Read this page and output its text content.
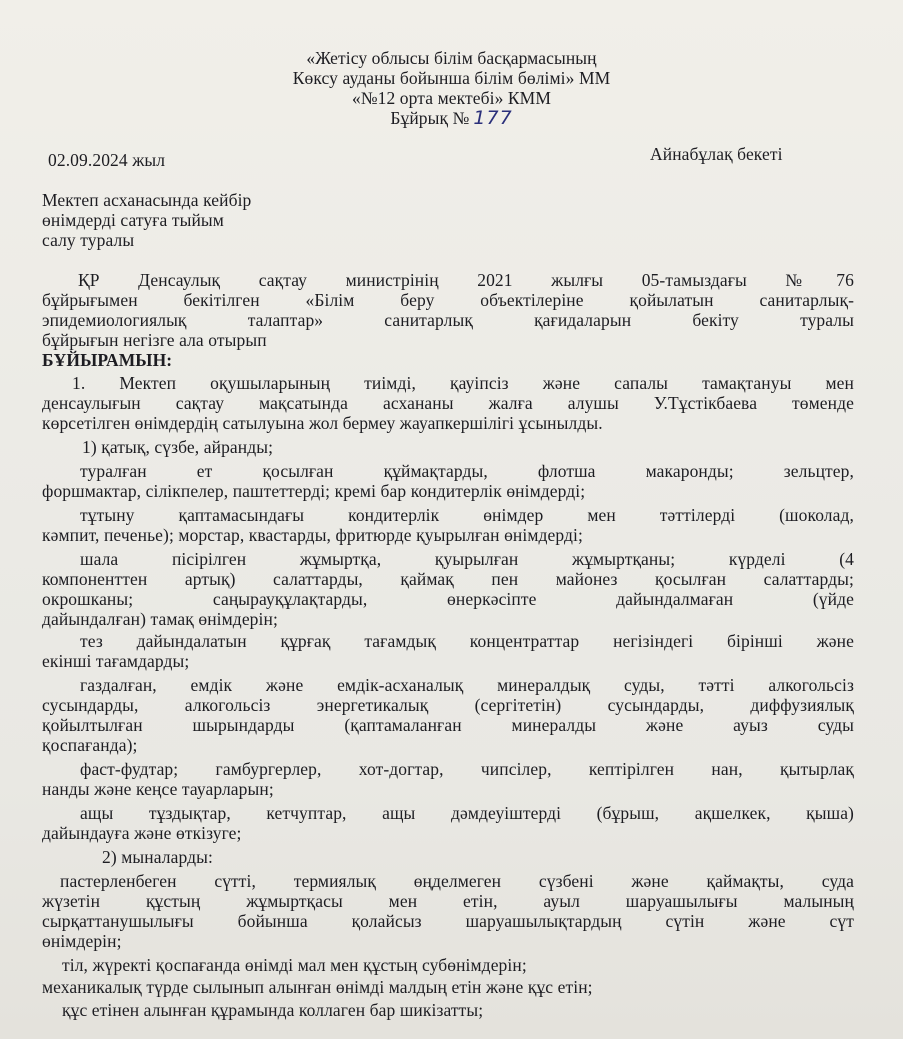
«Жетісу облысы білім басқармасының
Көксу ауданы бойынша білім бөлімі» ММ
«№12 орта мектебі» КММ
Бұйрық № 177
02.09.2024 жыл	Айнабұлақ бекеті
Мектеп асханасында кейбір
өнімдерді сатуға тыйым
салу туралы
ҚР Денсаулық сақтау министрінің 2021 жылғы 05-тамыздағы №76
бұйрығымен бекітілген «Білім беру объектілеріне қойылатын санитарлық-
эпидемиологиялық талаптар» санитарлық қағидаларын бекіту туралы
бұйрығын негізге ала отырып
БҰЙЫРАМЫН:
1. Мектеп оқушыларының тиімді, қауіпсіз және сапалы тамақтануы мен
денсаулығын сақтау мақсатында асхананы жалға алушы У.Тұстікбаева төменде
көрсетілген өнімдердің сатылуына жол бермеу жауапкершілігі ұсынылды.
1) қатық, сүзбе, айранды;
туралған ет қосылған құймақтарды, флотша макаронды; зельцтер,
форшмактар, сілікпелер, паштеттерді; кремі бар кондитерлік өнімдерді;
тұтыну қаптамасындағы кондитерлік өнімдер мен тәттілерді (шоколад,
кәмпит, печенье); морстар, квастарды, фритюрде қуырылған өнімдерді;
шала пісірілген жұмыртқа, қуырылған жұмыртқаны; күрделі (4
компоненттен артық) салаттарды, қаймақ пен майонез қосылған салаттарды;
окрошканы; саңырауқұлақтарды, өнеркәсіпте дайындалмаған (үйде
дайындалған) тамақ өнімдерін;
тез дайындалатын құрғақ тағамдық концентраттар негізіндегі бірінші және
екінші тағамдарды;
газдалған, емдік және емдік-асханалық минералдық суды, тәтті алкогольсіз
сусындарды, алкогольсіз энергетикалық (сергітетін) сусындарды, диффузиялық
қойылтылған шырындарды (қаптамаланған минералды және ауыз суды
қоспағанда);
фаст-фудтар; гамбургерлер, хот-догтар, чипсілер, кептірілген нан, қытырлақ
нанды және кеңсе тауарларын;
ащы тұздықтар, кетчуптар, ащы дәмдеуіштерді (бұрыш, ақшелкек, қыша)
дайындауға және өткізуге;
2) мыналарды:
пастерленбеген сүтті, термиялық өңделмеген сүзбені және қаймақты, суда
жүзетін құстың жұмыртқасы мен етін, ауыл шаруашылығы малының
сырқаттанушылығы бойынша қолайсыз шаруашылықтардың сүтін және сүт
өнімдерін;
тіл, жүректі қоспағанда өнімді мал мен құстың субөнімдерін;
механикалық түрде сылынып алынған өнімді малдың етін және құс етін;
құс етінен алынған құрамында коллаген бар шикізатты;
